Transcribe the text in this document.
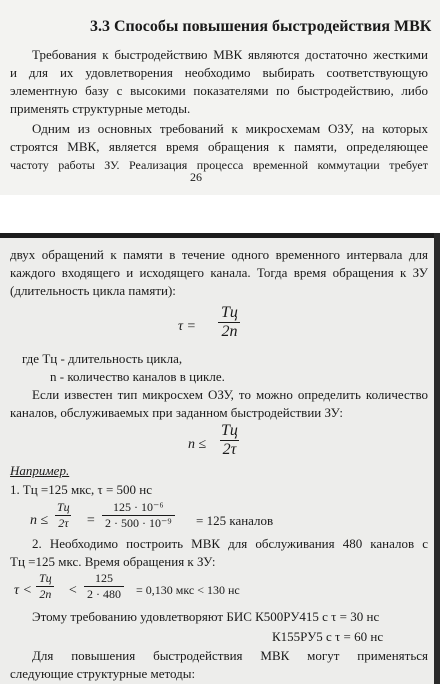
3.3 Способы повышения быстродействия МВК
Требования к быстродействию МВК являются достаточно жесткими
и для их удовлетворения необходимо выбирать соответствующую
элементную базу с высокими показателями по быстродействию, либо
применять структурные методы.
Одним из основных требований к микросхемам ОЗУ, на которых
строятся МВК, является время обращения к памяти, определяющее
частоту работы ЗУ. Реализация процесса временной коммутации требует
26
двух обращений к памяти в течение одного временного интервала для
каждого входящего и исходящего канала. Тогда время обращения к ЗУ
(длительность цикла памяти):
τ =
Tц
2n
где Tц - длительность цикла,
n - количество каналов в цикле.
Если известен тип микросхем ОЗУ, то можно определить количество
каналов, обслуживаемых при заданном быстродействии ЗУ:
n ≤
Tц
2τ
Например.
1. Tц =125 мкс, τ = 500 нс
n ≤
Tц
$2\tau = \frac{\text{125 · 10⁻⁶}}{\text{2 · 500 · 10⁻⁹}} = 125$ каналов
2. Необходимо построить МВК для обслуживания 480 каналов с
Tц =125 мкс. Время обращения к ЗУ:
τ <
Tц
$2n < \frac{125}{2 \cdot 480} = 0,130$ мкс < 130 нс
Этому требованию удовлетворяют БИС К500РУ415 с τ = 30 нс
К155РУ5 с τ = 60 нс
Для повышения быстродействия МВК могут применяться
следующие структурные методы:
